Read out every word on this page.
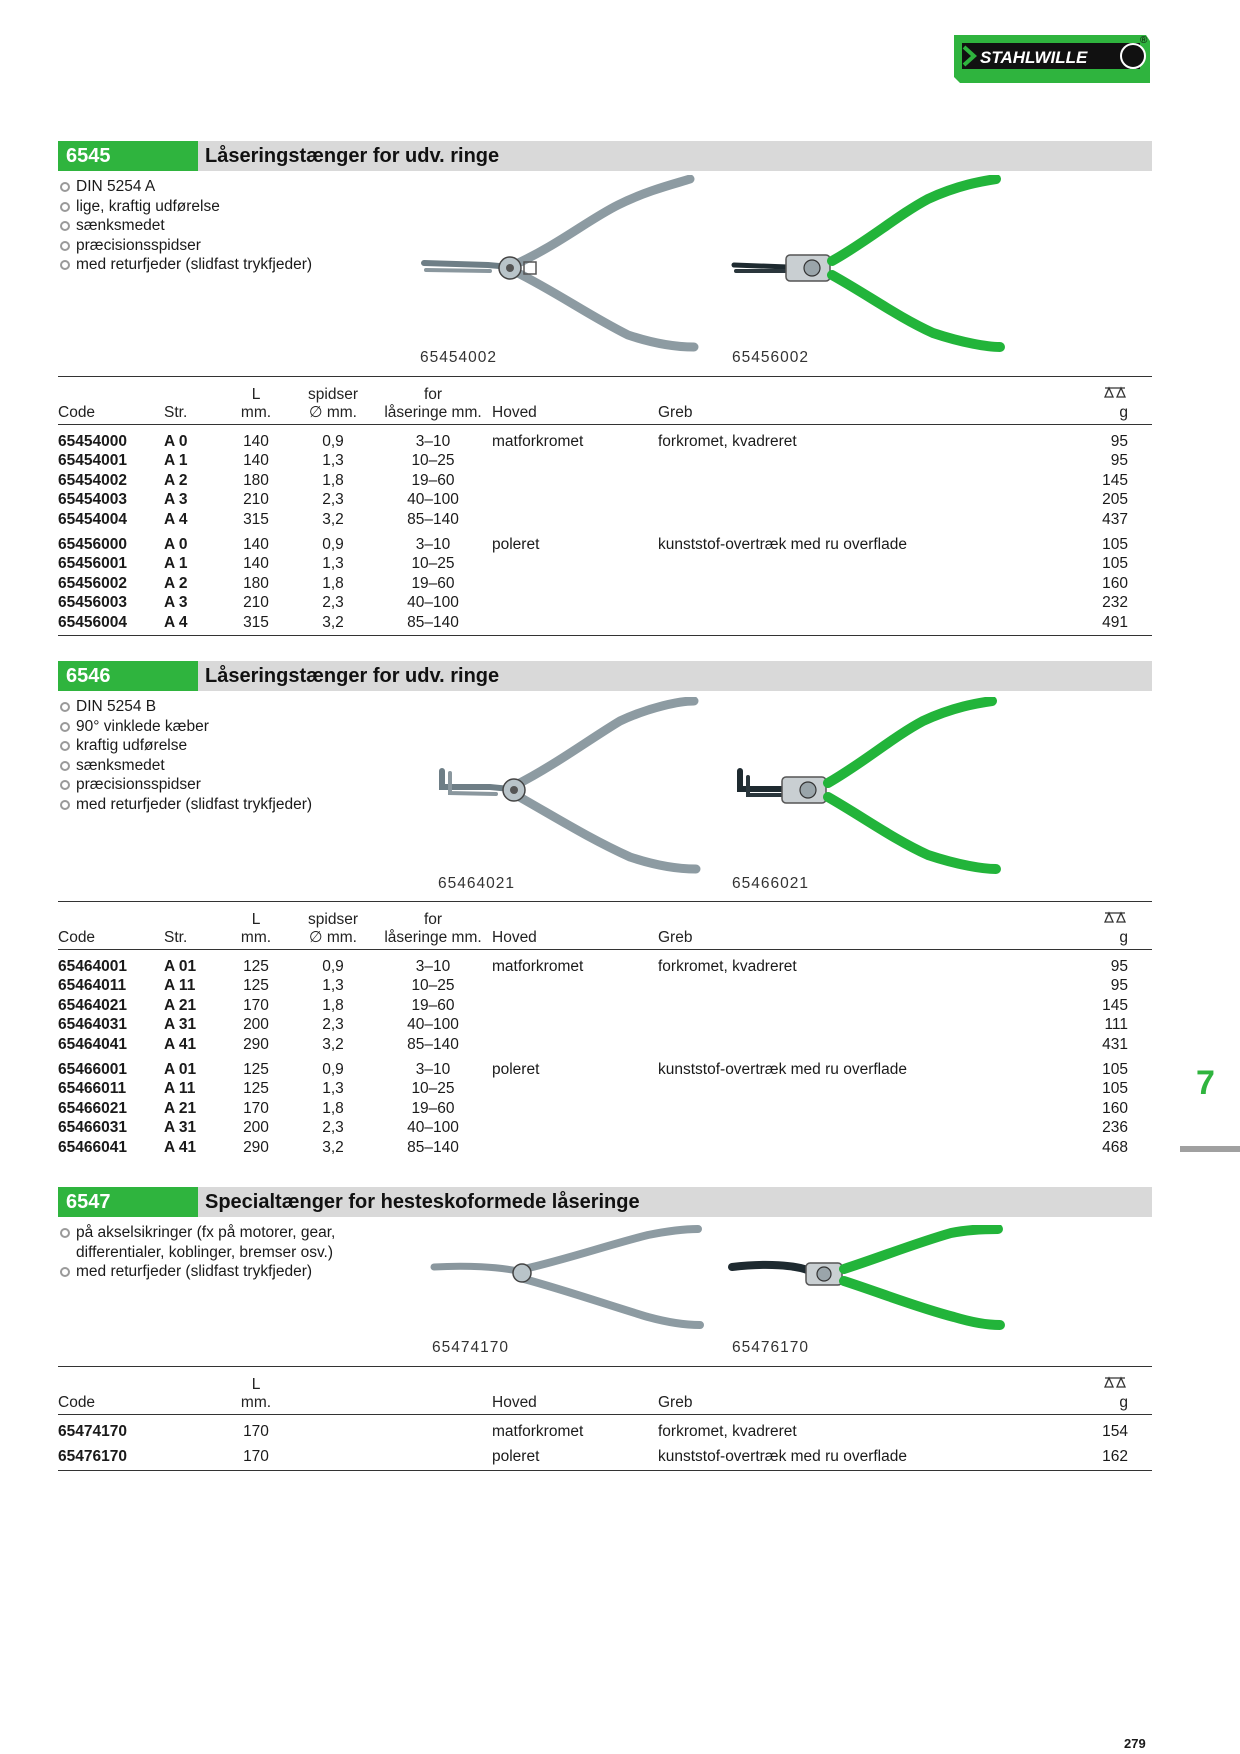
STAHLWILLE
®
6545	Låseringstænger for udv. ringe
DIN 5254 A
lige, kraftig udførelse
sænksmedet
præcisionsspidser
med returfjeder (slidfast trykfjeder)
65454002	65456002
		L	spidser	for			
Code	Str.	mm.	∅ mm.	låseringe mm.	Hoved	Greb	g
65454000	A 0	140	0,9	3–10	matforkromet	forkromet, kvadreret	95
65454001	A 1	140	1,3	10–25			95
65454002	A 2	180	1,8	19–60			145
65454003	A 3	210	2,3	40–100			205
65454004	A 4	315	3,2	85–140			437
65456000	A 0	140	0,9	3–10	poleret	kunststof-overtræk med ru overflade	105
65456001	A 1	140	1,3	10–25			105
65456002	A 2	180	1,8	19–60			160
65456003	A 3	210	2,3	40–100			232
65456004	A 4	315	3,2	85–140			491
6546	Låseringstænger for udv. ringe
DIN 5254 B
90° vinklede kæber
kraftig udførelse
sænksmedet
præcisionsspidser
med returfjeder (slidfast trykfjeder)
65464021	65466021
		L	spidser	for			
Code	Str.	mm.	∅ mm.	låseringe mm.	Hoved	Greb	g
65464001	A 01	125	0,9	3–10	matforkromet	forkromet, kvadreret	95
65464011	A 11	125	1,3	10–25			95
65464021	A 21	170	1,8	19–60			145
65464031	A 31	200	2,3	40–100			111
65464041	A 41	290	3,2	85–140			431
65466001	A 01	125	0,9	3–10	poleret	kunststof-overtræk med ru overflade	105
65466011	A 11	125	1,3	10–25			105
65466021	A 21	170	1,8	19–60			160
65466031	A 31	200	2,3	40–100			236
65466041	A 41	290	3,2	85–140			468
6547	Specialtænger for hesteskoformede låseringe
på akselsikringer (fx på motorer, gear,
differentialer, koblinger, bremser osv.)
med returfjeder (slidfast trykfjeder)
65474170	65476170
		L					
Code		mm.			Hoved	Greb	g
65474170		170			matforkromet	forkromet, kvadreret	154
65476170		170			poleret	kunststof-overtræk med ru overflade	162
7
279
